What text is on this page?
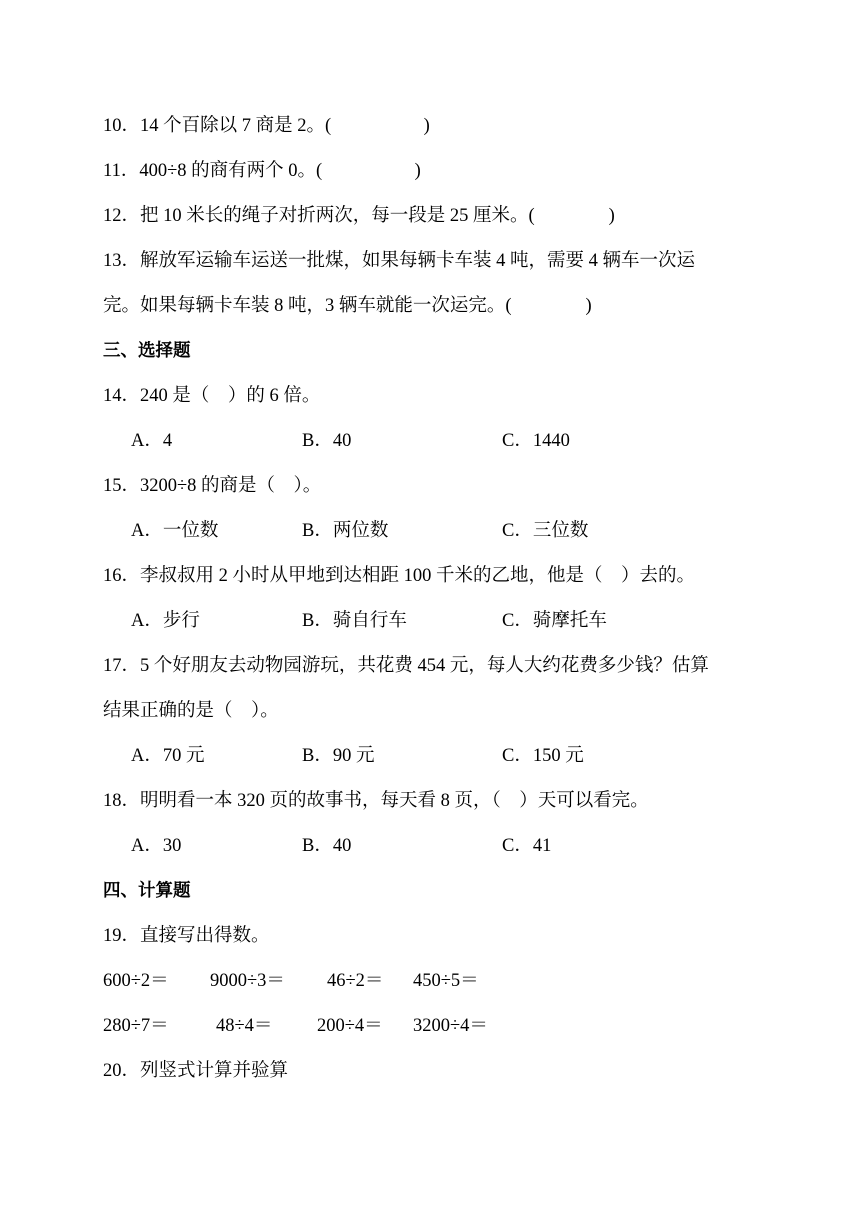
10．14 个百除以 7 商是 2。(　　　　　)
11．400÷8 的商有两个 0。(　　　　　)
12．把 10 米长的绳子对折两次，每一段是 25 厘米。(　　　　)
13．解放军运输车运送一批煤，如果每辆卡车装 4 吨，需要 4 辆车一次运
完。如果每辆卡车装 8 吨，3 辆车就能一次运完。(　　　　)
三、选择题
14．240 是（　）的 6 倍。
A．4	B．40	C．1440
15．3200÷8 的商是（　）。
A．一位数	B．两位数	C．三位数
16．李叔叔用 2 小时从甲地到达相距 100 千米的乙地，他是（　）去的。
A．步行	B．骑自行车	C．骑摩托车
17．5 个好朋友去动物园游玩，共花费 454 元，每人大约花费多少钱？估算
结果正确的是（　）。
A．70 元	B．90 元	C．150 元
18．明明看一本 320 页的故事书，每天看 8 页，（　）天可以看完。
A．30	B．40	C．41
四、计算题
19．直接写出得数。
600÷2＝ 9000÷3＝ 46÷2＝ 450÷5＝
280÷7＝	48÷4＝ 200÷4＝ 3200÷4＝
20．列竖式计算并验算
